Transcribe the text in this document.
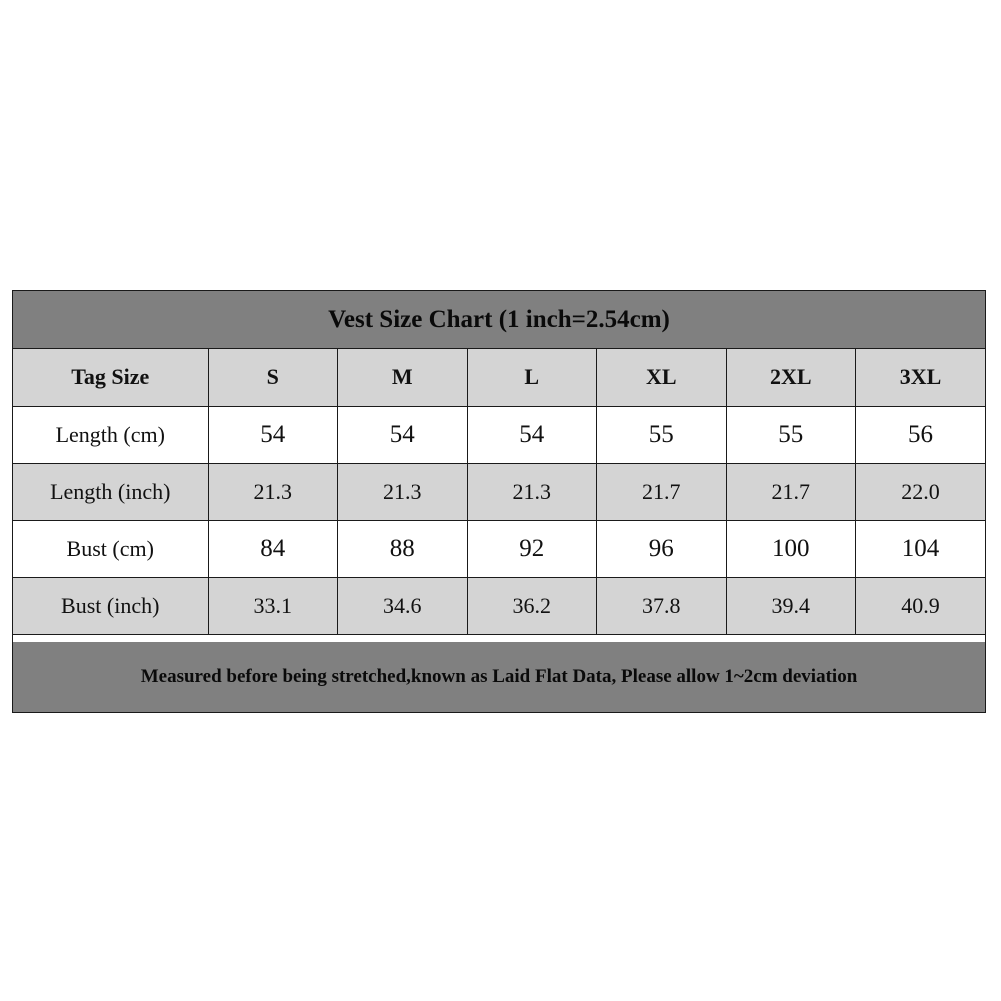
Vest Size Chart (1 inch=2.54cm)
Tag Size	S	M	L	XL	2XL	3XL
Length (cm)	54	54	54	55	55	56
Length (inch)	21.3	21.3	21.3	21.7	21.7	22.0
Bust (cm)	84	88	92	96	100	104
Bust (inch)	33.1	34.6	36.2	37.8	39.4	40.9
Measured before being stretched,known as Laid Flat Data, Please allow 1~2cm deviation
